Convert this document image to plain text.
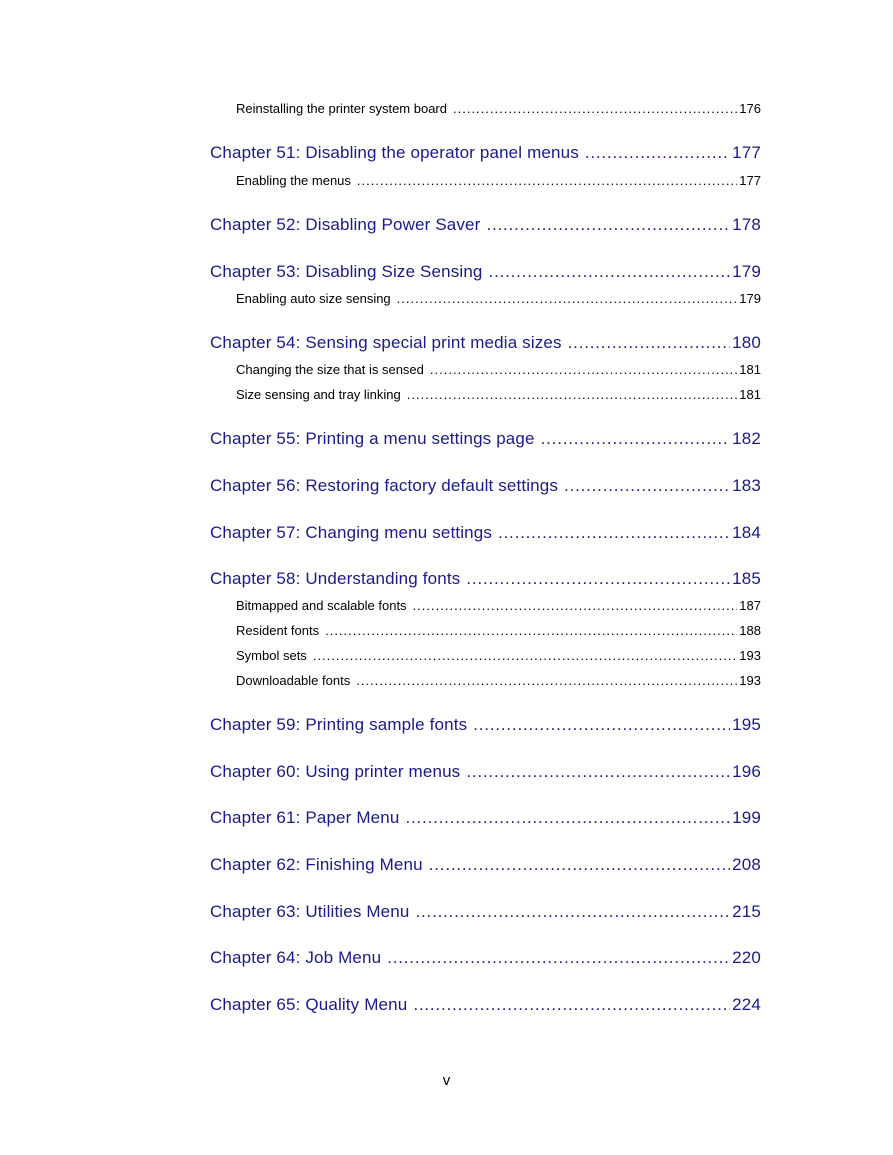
Reinstalling the printer system board .....	176
Chapter 51: Disabling the operator panel menus .....	177
Enabling the menus .....	177
Chapter 52: Disabling Power Saver .....	178
Chapter 53: Disabling Size Sensing .....	179
Enabling auto size sensing .....	179
Chapter 54: Sensing special print media sizes .....	180
Changing the size that is sensed .....	181
Size sensing and tray linking .....	181
Chapter 55: Printing a menu settings page .....	182
Chapter 56: Restoring factory default settings .....	183
Chapter 57: Changing menu settings .....	184
Chapter 58: Understanding fonts .....	185
Bitmapped and scalable fonts .....	187
Resident fonts .....	188
Symbol sets .....	193
Downloadable fonts .....	193
Chapter 59: Printing sample fonts .....	195
Chapter 60: Using printer menus .....	196
Chapter 61: Paper Menu .....	199
Chapter 62: Finishing Menu .....	208
Chapter 63: Utilities Menu .....	215
Chapter 64: Job Menu .....	220
Chapter 65: Quality Menu .....	224
v
